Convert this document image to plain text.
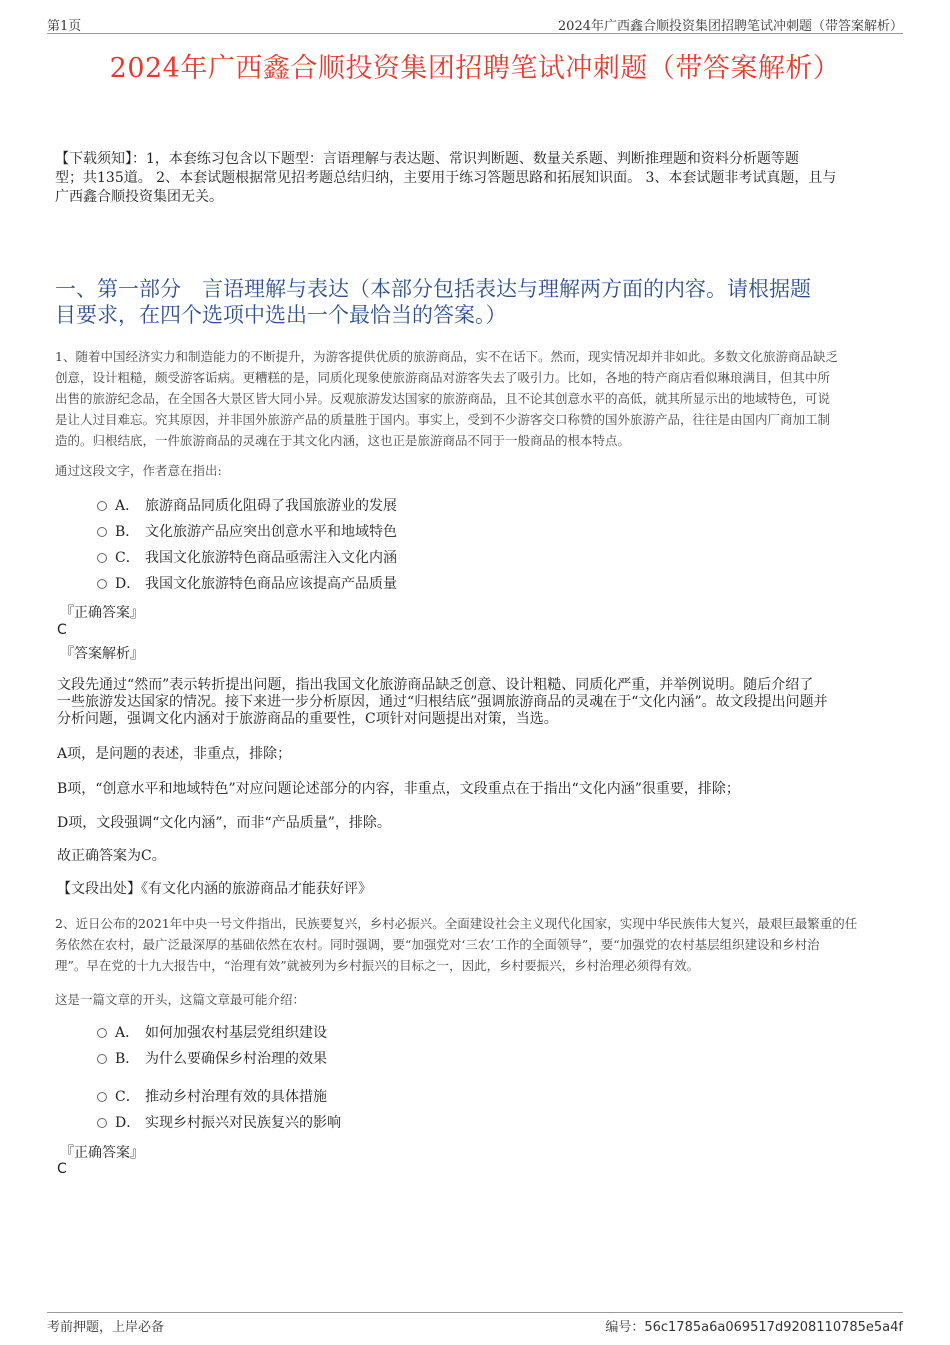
第1页	2024年广西鑫合顺投资集团招聘笔试冲刺题（带答案解析）
2024年广西鑫合顺投资集团招聘笔试冲刺题（带答案解析）
【下载须知】：1，本套练习包含以下题型：言语理解与表达题、常识判断题、数量关系题、判断推理题和资料分析题等题
型；共135道。 2、本套试题根据常见招考题总结归纳，主要用于练习答题思路和拓展知识面。 3、本套试题非考试真题，且与
广西鑫合顺投资集团无关。
一、第一部分　言语理解与表达（本部分包括表达与理解两方面的内容。请根据题
目要求，在四个选项中选出一个最恰当的答案。）
1、随着中国经济实力和制造能力的不断提升，为游客提供优质的旅游商品，实不在话下。然而，现实情况却并非如此。多数文化旅游商品缺乏
创意，设计粗糙，颇受游客诟病。更糟糕的是，同质化现象使旅游商品对游客失去了吸引力。比如，各地的特产商店看似琳琅满目，但其中所
出售的旅游纪念品，在全国各大景区皆大同小异。反观旅游发达国家的旅游商品，且不论其创意水平的高低，就其所显示出的地域特色，可说
是让人过目难忘。究其原因，并非国外旅游产品的质量胜于国内。事实上，受到不少游客交口称赞的国外旅游产品，往往是由国内厂商加工制
造的。归根结底，一件旅游商品的灵魂在于其文化内涵，这也正是旅游商品不同于一般商品的根本特点。
通过这段文字，作者意在指出:
A． 旅游商品同质化阻碍了我国旅游业的发展
B． 文化旅游产品应突出创意水平和地域特色
C． 我国文化旅游特色商品亟需注入文化内涵
D． 我国文化旅游特色商品应该提高产品质量
『正确答案』
C
『答案解析』
文段先通过“然而”表示转折提出问题，指出我国文化旅游商品缺乏创意、设计粗糙、同质化严重，并举例说明。随后介绍了
一些旅游发达国家的情况。接下来进一步分析原因，通过“归根结底”强调旅游商品的灵魂在于“文化内涵”。故文段提出问题并
分析问题，强调文化内涵对于旅游商品的重要性，C项针对问题提出对策，当选。
A项，是问题的表述，非重点，排除；
B项，“创意水平和地域特色”对应问题论述部分的内容，非重点，文段重点在于指出“文化内涵”很重要，排除；
D项，文段强调“文化内涵”，而非“产品质量”，排除。
故正确答案为C。
【文段出处】《有文化内涵的旅游商品才能获好评》
2、近日公布的2021年中央一号文件指出，民族要复兴，乡村必振兴。全面建设社会主义现代化国家，实现中华民族伟大复兴，最艰巨最繁重的任
务依然在农村，最广泛最深厚的基础依然在农村。同时强调，要“加强党对‘三农’工作的全面领导”，要“加强党的农村基层组织建设和乡村治
理”。早在党的十九大报告中，“治理有效”就被列为乡村振兴的目标之一，因此，乡村要振兴，乡村治理必须得有效。
这是一篇文章的开头，这篇文章最可能介绍：
A． 如何加强农村基层党组织建设
B． 为什么要确保乡村治理的效果
C． 推动乡村治理有效的具体措施
D． 实现乡村振兴对民族复兴的影响
『正确答案』
C
考前押题，上岸必备	编号：56c1785a6a069517d9208110785e5a4f
